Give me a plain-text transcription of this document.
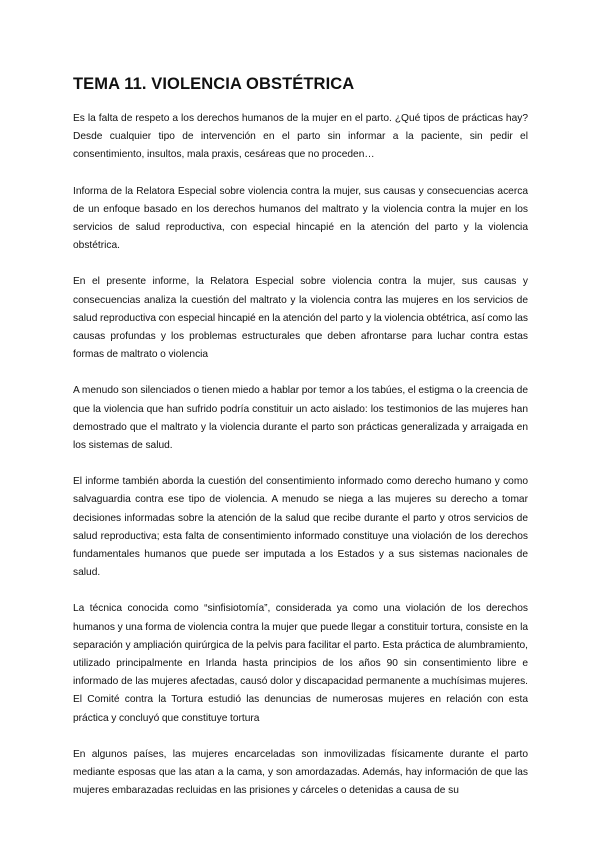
TEMA 11. VIOLENCIA OBSTÉTRICA

Es la falta de respeto a los derechos humanos de la mujer en el parto. ¿Qué tipos de prácticas hay? Desde cualquier tipo de intervención en el parto sin informar a la paciente, sin pedir el consentimiento, insultos, mala praxis, cesáreas que no proceden…

Informa de la Relatora Especial sobre violencia contra la mujer, sus causas y consecuencias acerca de un enfoque basado en los derechos humanos del maltrato y la violencia contra la mujer en los servicios de salud reproductiva, con especial hincapié en la atención del parto y la violencia obstétrica.

En el presente informe, la Relatora Especial sobre violencia contra la mujer, sus causas y consecuencias analiza la cuestión del maltrato y la violencia contra las mujeres en los servicios de salud reproductiva con especial hincapié en la atención del parto y la violencia obtétrica, así como las causas profundas y los problemas estructurales que deben afrontarse para luchar contra estas formas de maltrato o violencia

A menudo son silenciados o tienen miedo a hablar por temor a los tabúes, el estigma o la creencia de que la violencia que han sufrido podría constituir un acto aislado: los testimonios de las mujeres han demostrado que el maltrato y la violencia durante el parto son prácticas generalizada y arraigada en los sistemas de salud.

El informe también aborda la cuestión del consentimiento informado como derecho humano y como salvaguardia contra ese tipo de violencia. A menudo se niega a las mujeres su derecho a tomar decisiones informadas sobre la atención de la salud que recibe durante el parto y otros servicios de salud reproductiva; esta falta de consentimiento informado constituye una violación de los derechos fundamentales humanos que puede ser imputada a los Estados y a sus sistemas nacionales de salud.

La técnica conocida como “sinfisiotomía”, considerada ya como una violación de los derechos humanos y una forma de violencia contra la mujer que puede llegar a constituir tortura, consiste en la separación y ampliación quirúrgica de la pelvis para facilitar el parto. Esta práctica de alumbramiento, utilizado principalmente en Irlanda hasta principios de los años 90 sin consentimiento libre e informado de las mujeres afectadas, causó dolor y discapacidad permanente a muchísimas mujeres. El Comité contra la Tortura estudió las denuncias de numerosas mujeres en relación con esta práctica y concluyó que constituye tortura

En algunos países, las mujeres encarceladas son inmovilizadas físicamente durante el parto mediante esposas que las atan a la cama, y son amordazadas. Además, hay información de que las mujeres embarazadas recluidas en las prisiones y cárceles o detenidas a causa de su
